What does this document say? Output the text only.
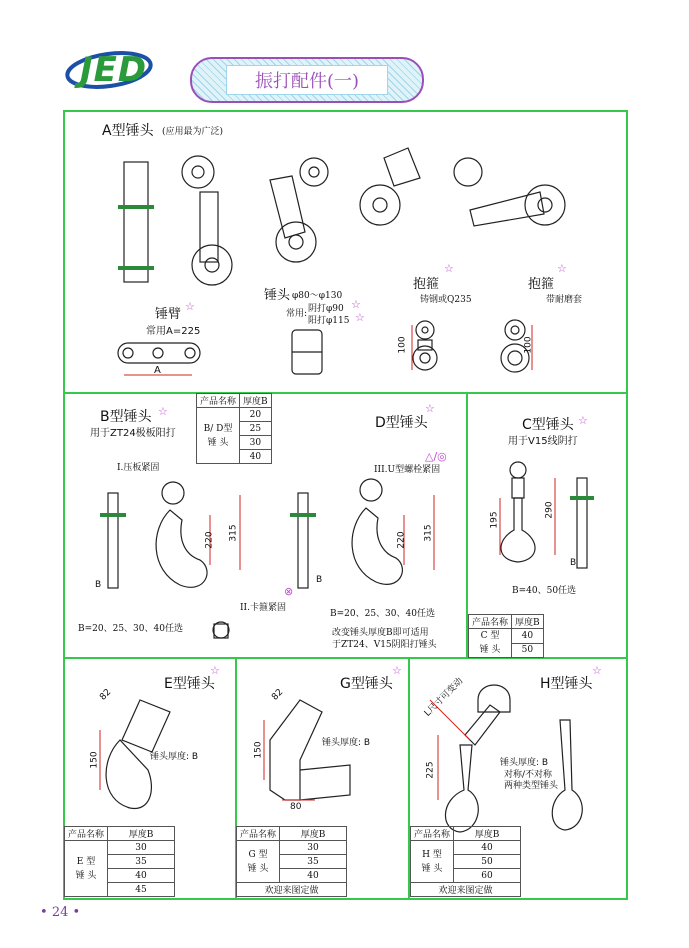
JED	振打配件(一)
A型锤头 (应用最为广泛)
锤臂
☆
常用A=225
A
锤头 φ80～φ130
常用: 阴打φ90
阳打φ115
☆
☆
抱箍
☆
铸钢或Q235
100
抱箍
☆
带耐磨套
100
B型锤头 ☆
用于ZT24极板阳打
I.压板紧固
220 315
B	⊗
II.卡箍紧固
B=20、25、30、40任选
产品名称	厚度B
B/ D型
锤 头	20
	25
	30
	40
D型锤头
☆
△/◎
III.U型螺栓紧固
220 315
B
B=20、25、30、40任选
改变锤头厚度B即可适用
于ZT24、V15阴阳打锤头
C型锤头 ☆
用于V15线阴打
195
290
B
B=40、50任选
产品名称	厚度B
C 型
锤 头	40
	50
E型锤头
☆
82
150	锤头厚度: B
产品名称	厚度B
E 型
锤 头	30
	35
	40
	45
G型锤头
☆
82
150
80
锤头厚度: B
产品名称	厚度B
G 型
锤 头	30
	35
	40
欢迎来图定做	
H型锤头
☆
L尺寸可变动
225	锤头厚度: B
对称/不对称
两种类型锤头
产品名称	厚度B
H 型
锤 头	40
	50
	60
欢迎来图定做	
• 24 •
